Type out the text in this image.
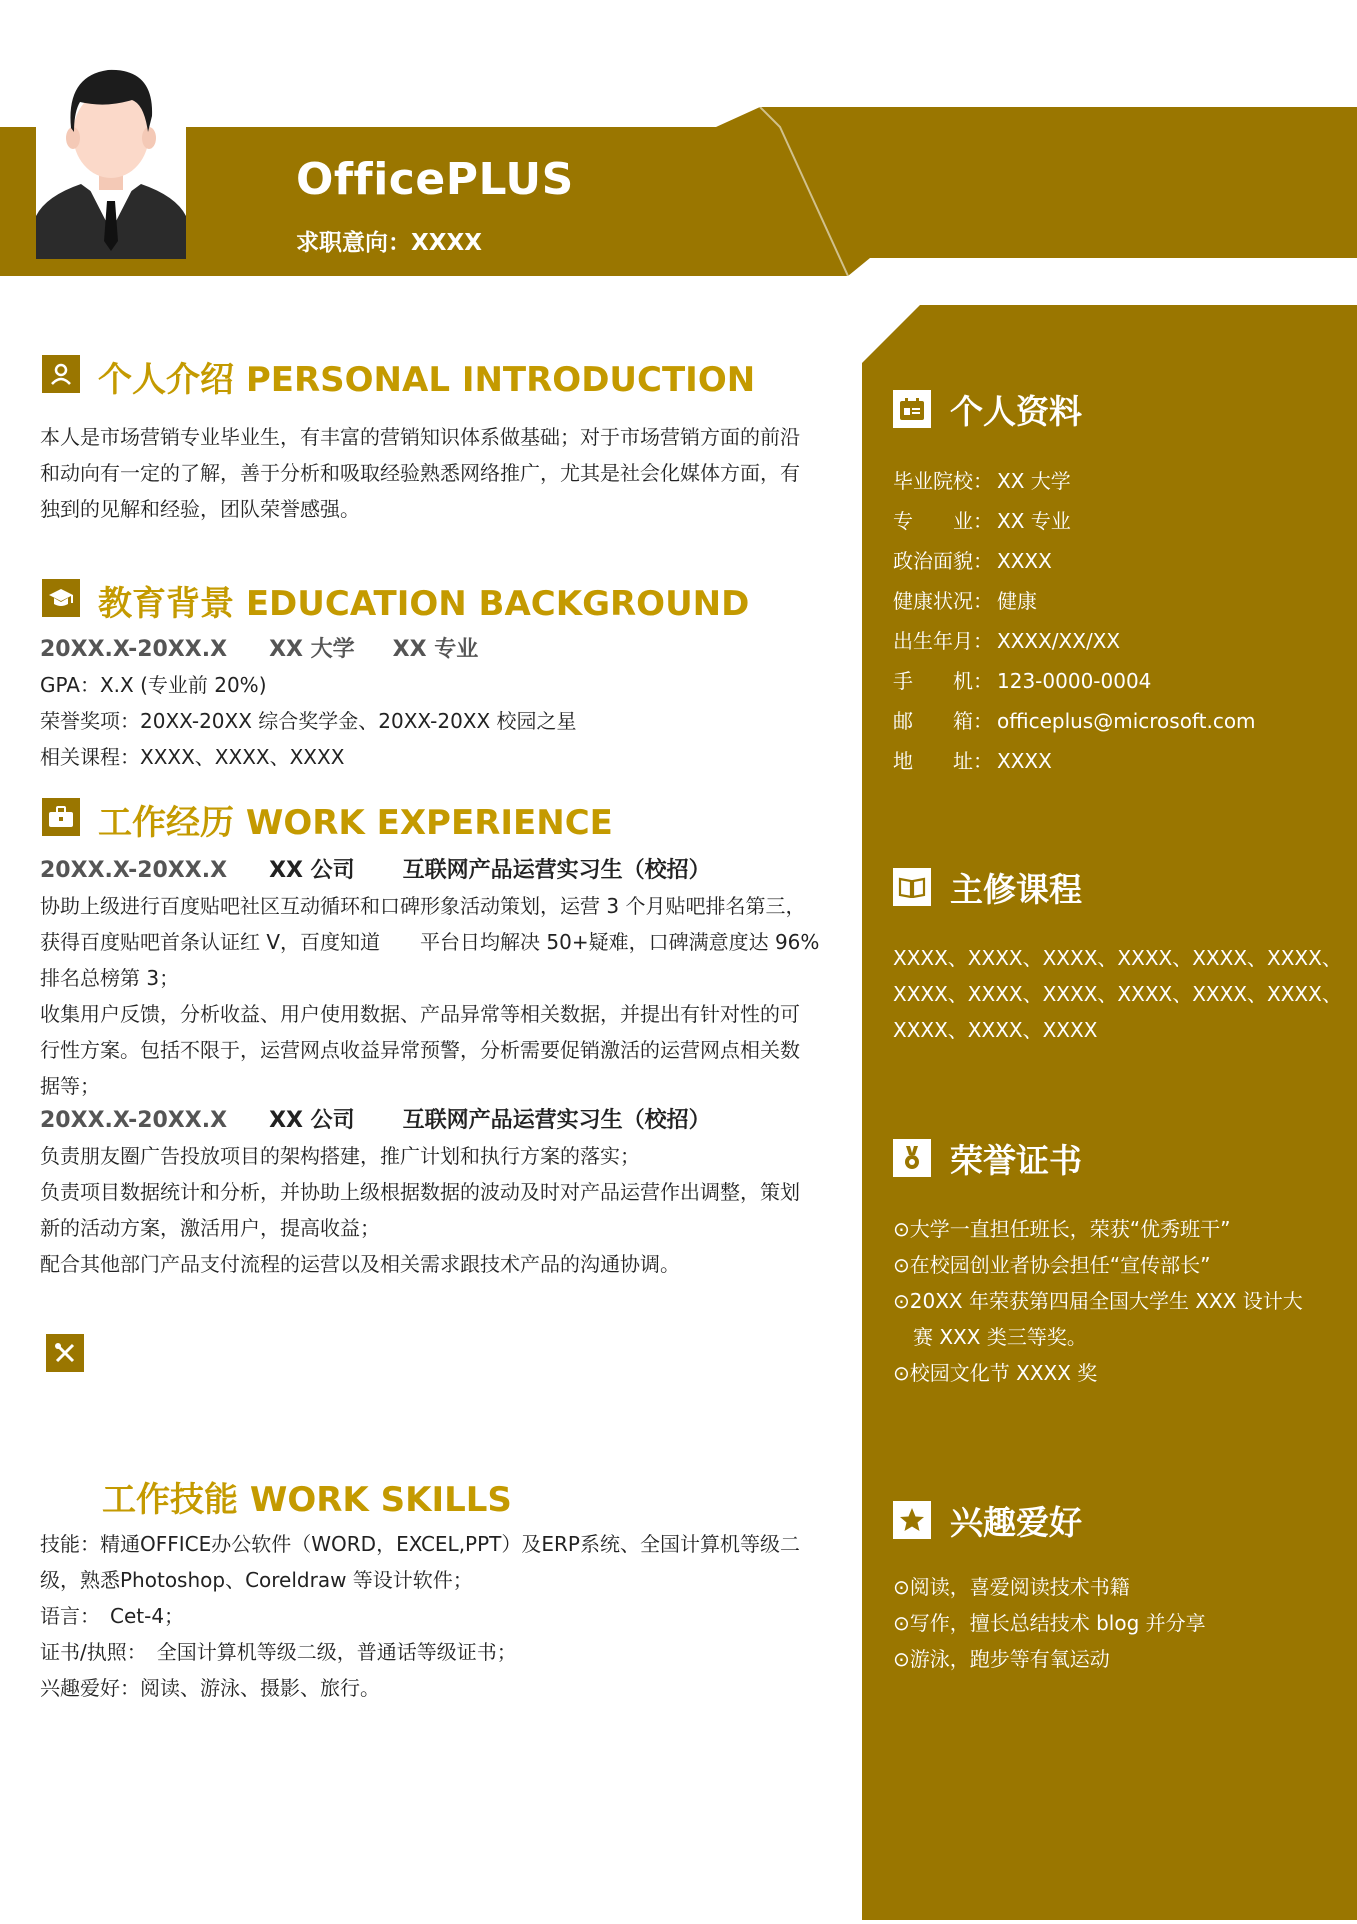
OfficePLUS
求职意向：XXXX
个人介绍 PERSONAL INTRODUCTION
本人是市场营销专业毕业生，有丰富的营销知识体系做基础；对于市场营销方面的前沿
和动向有一定的了解，善于分析和吸取经验熟悉网络推广，尤其是社会化媒体方面，有
独到的见解和经验，团队荣誉感强。
教育背景 EDUCATION BACKGROUND
20XX.X-20XX.X XX 大学 XX 专业
GPA：X.X (专业前 20%)
荣誉奖项：20XX-20XX 综合奖学金、20XX-20XX 校园之星
相关课程：XXXX、XXXX、XXXX
工作经历 WORK EXPERIENCE
20XX.X-20XX.X XX 公司 互联网产品运营实习生（校招）
协助上级进行百度贴吧社区互动循环和口碑形象活动策划，运营 3 个月贴吧排名第三，
获得百度贴吧首条认证红 V，百度知道　　平台日均解决 50+疑难，口碑满意度达 96%
排名总榜第 3；
收集用户反馈，分析收益、用户使用数据、产品异常等相关数据，并提出有针对性的可
行性方案。包括不限于，运营网点收益异常预警，分析需要促销激活的运营网点相关数
据等；
20XX.X-20XX.X XX 公司 互联网产品运营实习生（校招）
负责朋友圈广告投放项目的架构搭建，推广计划和执行方案的落实；
负责项目数据统计和分析，并协助上级根据数据的波动及时对产品运营作出调整，策划
新的活动方案，激活用户，提高收益；
配合其他部门产品支付流程的运营以及相关需求跟技术产品的沟通协调。
工作技能 WORK SKILLS
技能：精通OFFICE办公软件（WORD，EXCEL,PPT）及ERP系统、全国计算机等级二
级，熟悉Photoshop、Coreldraw 等设计软件；
语言：　Cet-4；
证书/执照：　全国计算机等级二级，普通话等级证书；
兴趣爱好：阅读、游泳、摄影、旅行。
个人资料
毕业院校： XX 大学
专　　业： XX 专业
政治面貌： XXXX
健康状况： 健康
出生年月： XXXX/XX/XX
手　　机： 123-0000-0004
邮　　箱： officeplus@microsoft.com
地　　址： XXXX
主修课程
XXXX、XXXX、XXXX、XXXX、XXXX、XXXX、
XXXX、XXXX、XXXX、XXXX、XXXX、XXXX、
XXXX、XXXX、XXXX
荣誉证书
⊙大学一直担任班长，荣获“优秀班干”
⊙在校园创业者协会担任“宣传部长”
⊙20XX 年荣获第四届全国大学生 XXX 设计大
　赛 XXX 类三等奖。
⊙校园文化节 XXXX 奖
兴趣爱好
⊙阅读，喜爱阅读技术书籍
⊙写作，擅长总结技术 blog 并分享
⊙游泳，跑步等有氧运动
